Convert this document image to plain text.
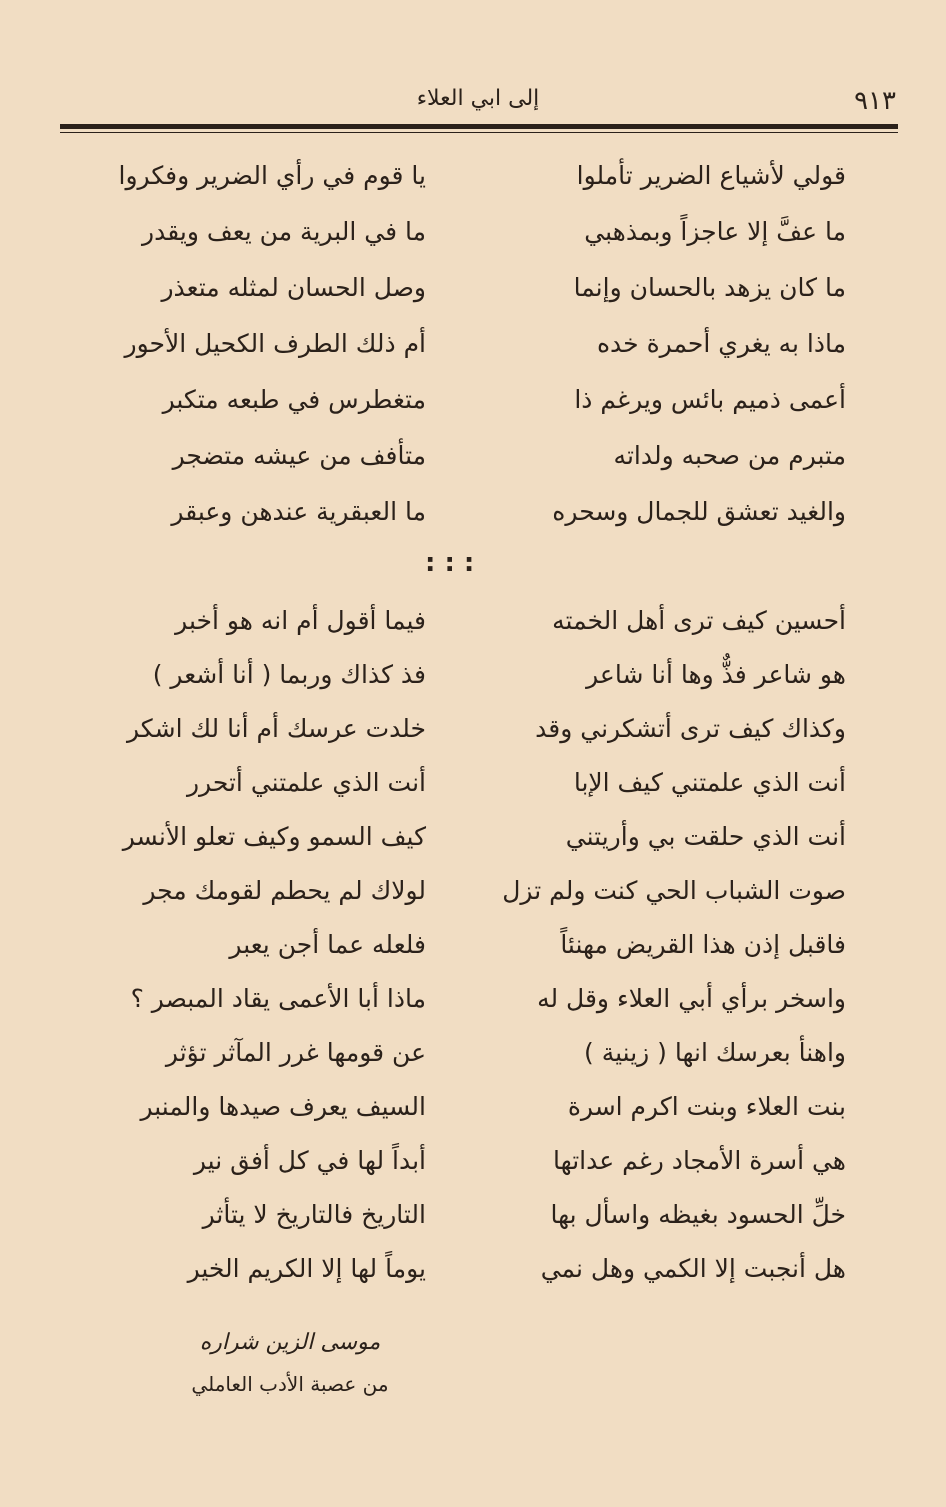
٩١٣
إلى ابي العلاء
قولي لأشياع الضرير تأملوا
ما عفَّ إلا عاجزاً وبمذهبي
ما كان يزهد بالحسان وإنما
ماذا به يغري أحمرة خده
أعمى ذميم بائس ويرغم ذا
متبرم من صحبه ولداته
والغيد تعشق للجمال وسحره
يا قوم في رأي الضرير وفكروا
ما في البرية من يعف ويقدر
وصل الحسان لمثله متعذر
أم ذلك الطرف الكحيل الأحور
متغطرس في طبعه متكبر
متأفف من عيشه متضجر
ما العبقرية عندهن وعبقر
: : :
أحسين كيف ترى أهل الخمته
هو شاعر فذٌّ وها أنا شاعر
وكذاك كيف ترى أتشكرني وقد
أنت الذي علمتني كيف الإبا
أنت الذي حلقت بي وأريتني
صوت الشباب الحي كنت ولم تزل
فاقبل إذن هذا القريض مهنئاً
واسخر برأي أبي العلاء وقل له
واهنأ بعرسك انها ( زينية )
بنت العلاء وبنت اكرم اسرة
هي أسرة الأمجاد رغم عداتها
خلِّ الحسود بغيظه واسأل بها
هل أنجبت إلا الكمي وهل نمي
فيما أقول أم انه هو أخبر
فذ كذاك وربما ( أنا أشعر )
خلدت عرسك أم أنا لك اشكر
أنت الذي علمتني أتحرر
كيف السمو وكيف تعلو الأنسر
لولاك لم يحطم لقومك مجر
فلعله عما أجن يعبر
ماذا أبا الأعمى يقاد المبصر ؟
عن قومها غرر المآثر تؤثر
السيف يعرف صيدها والمنبر
أبداً لها في كل أفق نير
التاريخ فالتاريخ لا يتأثر
يوماً لها إلا الكريم الخير
موسى الزين شراره
من عصبة الأدب العاملي
